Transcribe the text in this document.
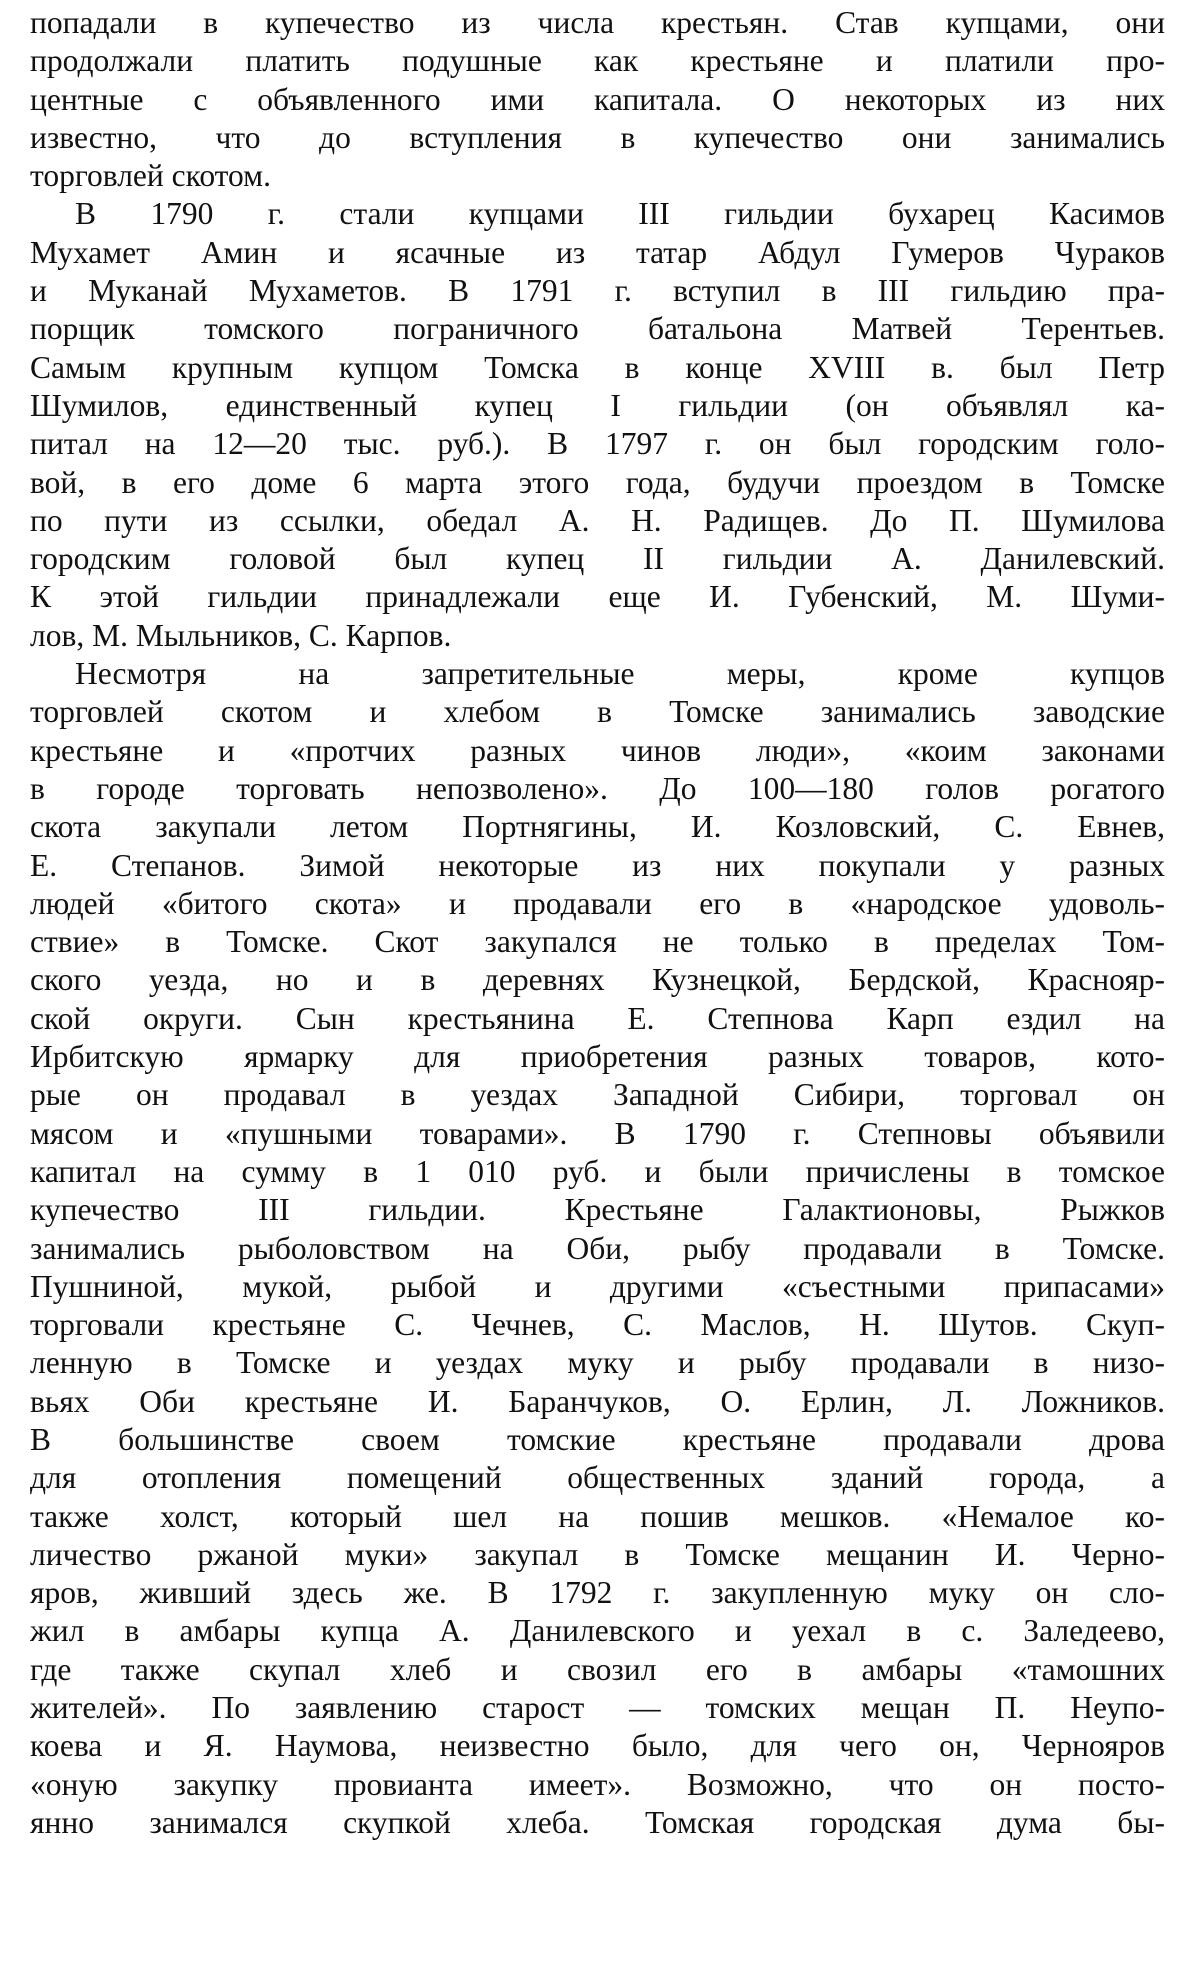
попадали в купечество из числа крестьян. Став купцами, они
продолжали платить подушные как крестьяне и платили про-
центные с объявленного ими капитала. О некоторых из них
известно, что до вступления в купечество они занимались
торговлей скотом.
В 1790 г. стали купцами III гильдии бухарец Касимов
Мухамет Амин и ясачные из татар Абдул Гумеров Чураков
и Муканай Мухаметов. В 1791 г. вступил в III гильдию пра-
порщик томского пограничного батальона Матвей Терентьев.
Самым крупным купцом Томска в конце XVIII в. был Петр
Шумилов, единственный купец I гильдии (он объявлял ка-
питал на 12—20 тыс. руб.). В 1797 г. он был городским голо-
вой, в его доме 6 марта этого года, будучи проездом в Томске
по пути из ссылки, обедал А. Н. Радищев. До П. Шумилова
городским головой был купец II гильдии А. Данилевский.
К этой гильдии принадлежали еще И. Губенский, М. Шуми-
лов, М. Мыльников, С. Карпов.
Несмотря на запретительные меры, кроме купцов
торговлей скотом и хлебом в Томске занимались заводские
крестьяне и «протчих разных чинов люди», «коим законами
в городе торговать непозволено». До 100—180 голов рогатого
скота закупали летом Портнягины, И. Козловский, С. Евнев,
Е. Степанов. Зимой некоторые из них покупали у разных
людей «битого скота» и продавали его в «народское удоволь-
ствие» в Томске. Скот закупался не только в пределах Том-
ского уезда, но и в деревнях Кузнецкой, Бердской, Краснояр-
ской округи. Сын крестьянина Е. Степнова Карп ездил на
Ирбитскую ярмарку для приобретения разных товаров, кото-
рые он продавал в уездах Западной Сибири, торговал он
мясом и «пушными товарами». В 1790 г. Степновы объявили
капитал на сумму в 1 010 руб. и были причислены в томское
купечество III гильдии. Крестьяне Галактионовы, Рыжков
занимались рыболовством на Оби, рыбу продавали в Томске.
Пушниной, мукой, рыбой и другими «съестными припасами»
торговали крестьяне С. Чечнев, С. Маслов, Н. Шутов. Скуп-
ленную в Томске и уездах муку и рыбу продавали в низо-
вьях Оби крестьяне И. Баранчуков, О. Ерлин, Л. Ложников.
В большинстве своем томские крестьяне продавали дрова
для отопления помещений общественных зданий города, а
также холст, который шел на пошив мешков. «Немалое ко-
личество ржаной муки» закупал в Томске мещанин И. Черно-
яров, живший здесь же. В 1792 г. закупленную муку он сло-
жил в амбары купца А. Данилевского и уехал в с. Заледеево,
где также скупал хлеб и свозил его в амбары «тамошних
жителей». По заявлению старост — томских мещан П. Неупо-
коева и Я. Наумова, неизвестно было, для чего он, Чернояров
«оную закупку провианта имеет». Возможно, что он посто-
янно занимался скупкой хлеба. Томская городская дума бы-
